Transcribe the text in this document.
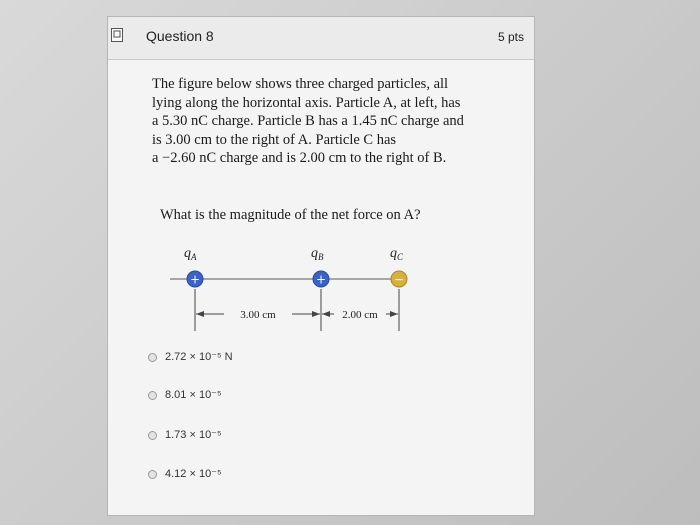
Question 8	5 pts
The figure below shows three charged particles, all
lying along the horizontal axis. Particle A, at left, has
a 5.30 nC charge. Particle B has a 1.45 nC charge and
is 3.00 cm to the right of A. Particle C has
a −2.60 nC charge and is 2.00 cm to the right of B.
What is the magnitude of the net force on A?
$q_A$	$q_B$	$q_C$
+	+	−
3.00 cm	2.00 cm
2.72 × 10⁻⁵ N
8.01 × 10⁻⁵
1.73 × 10⁻⁵
4.12 × 10⁻⁵
